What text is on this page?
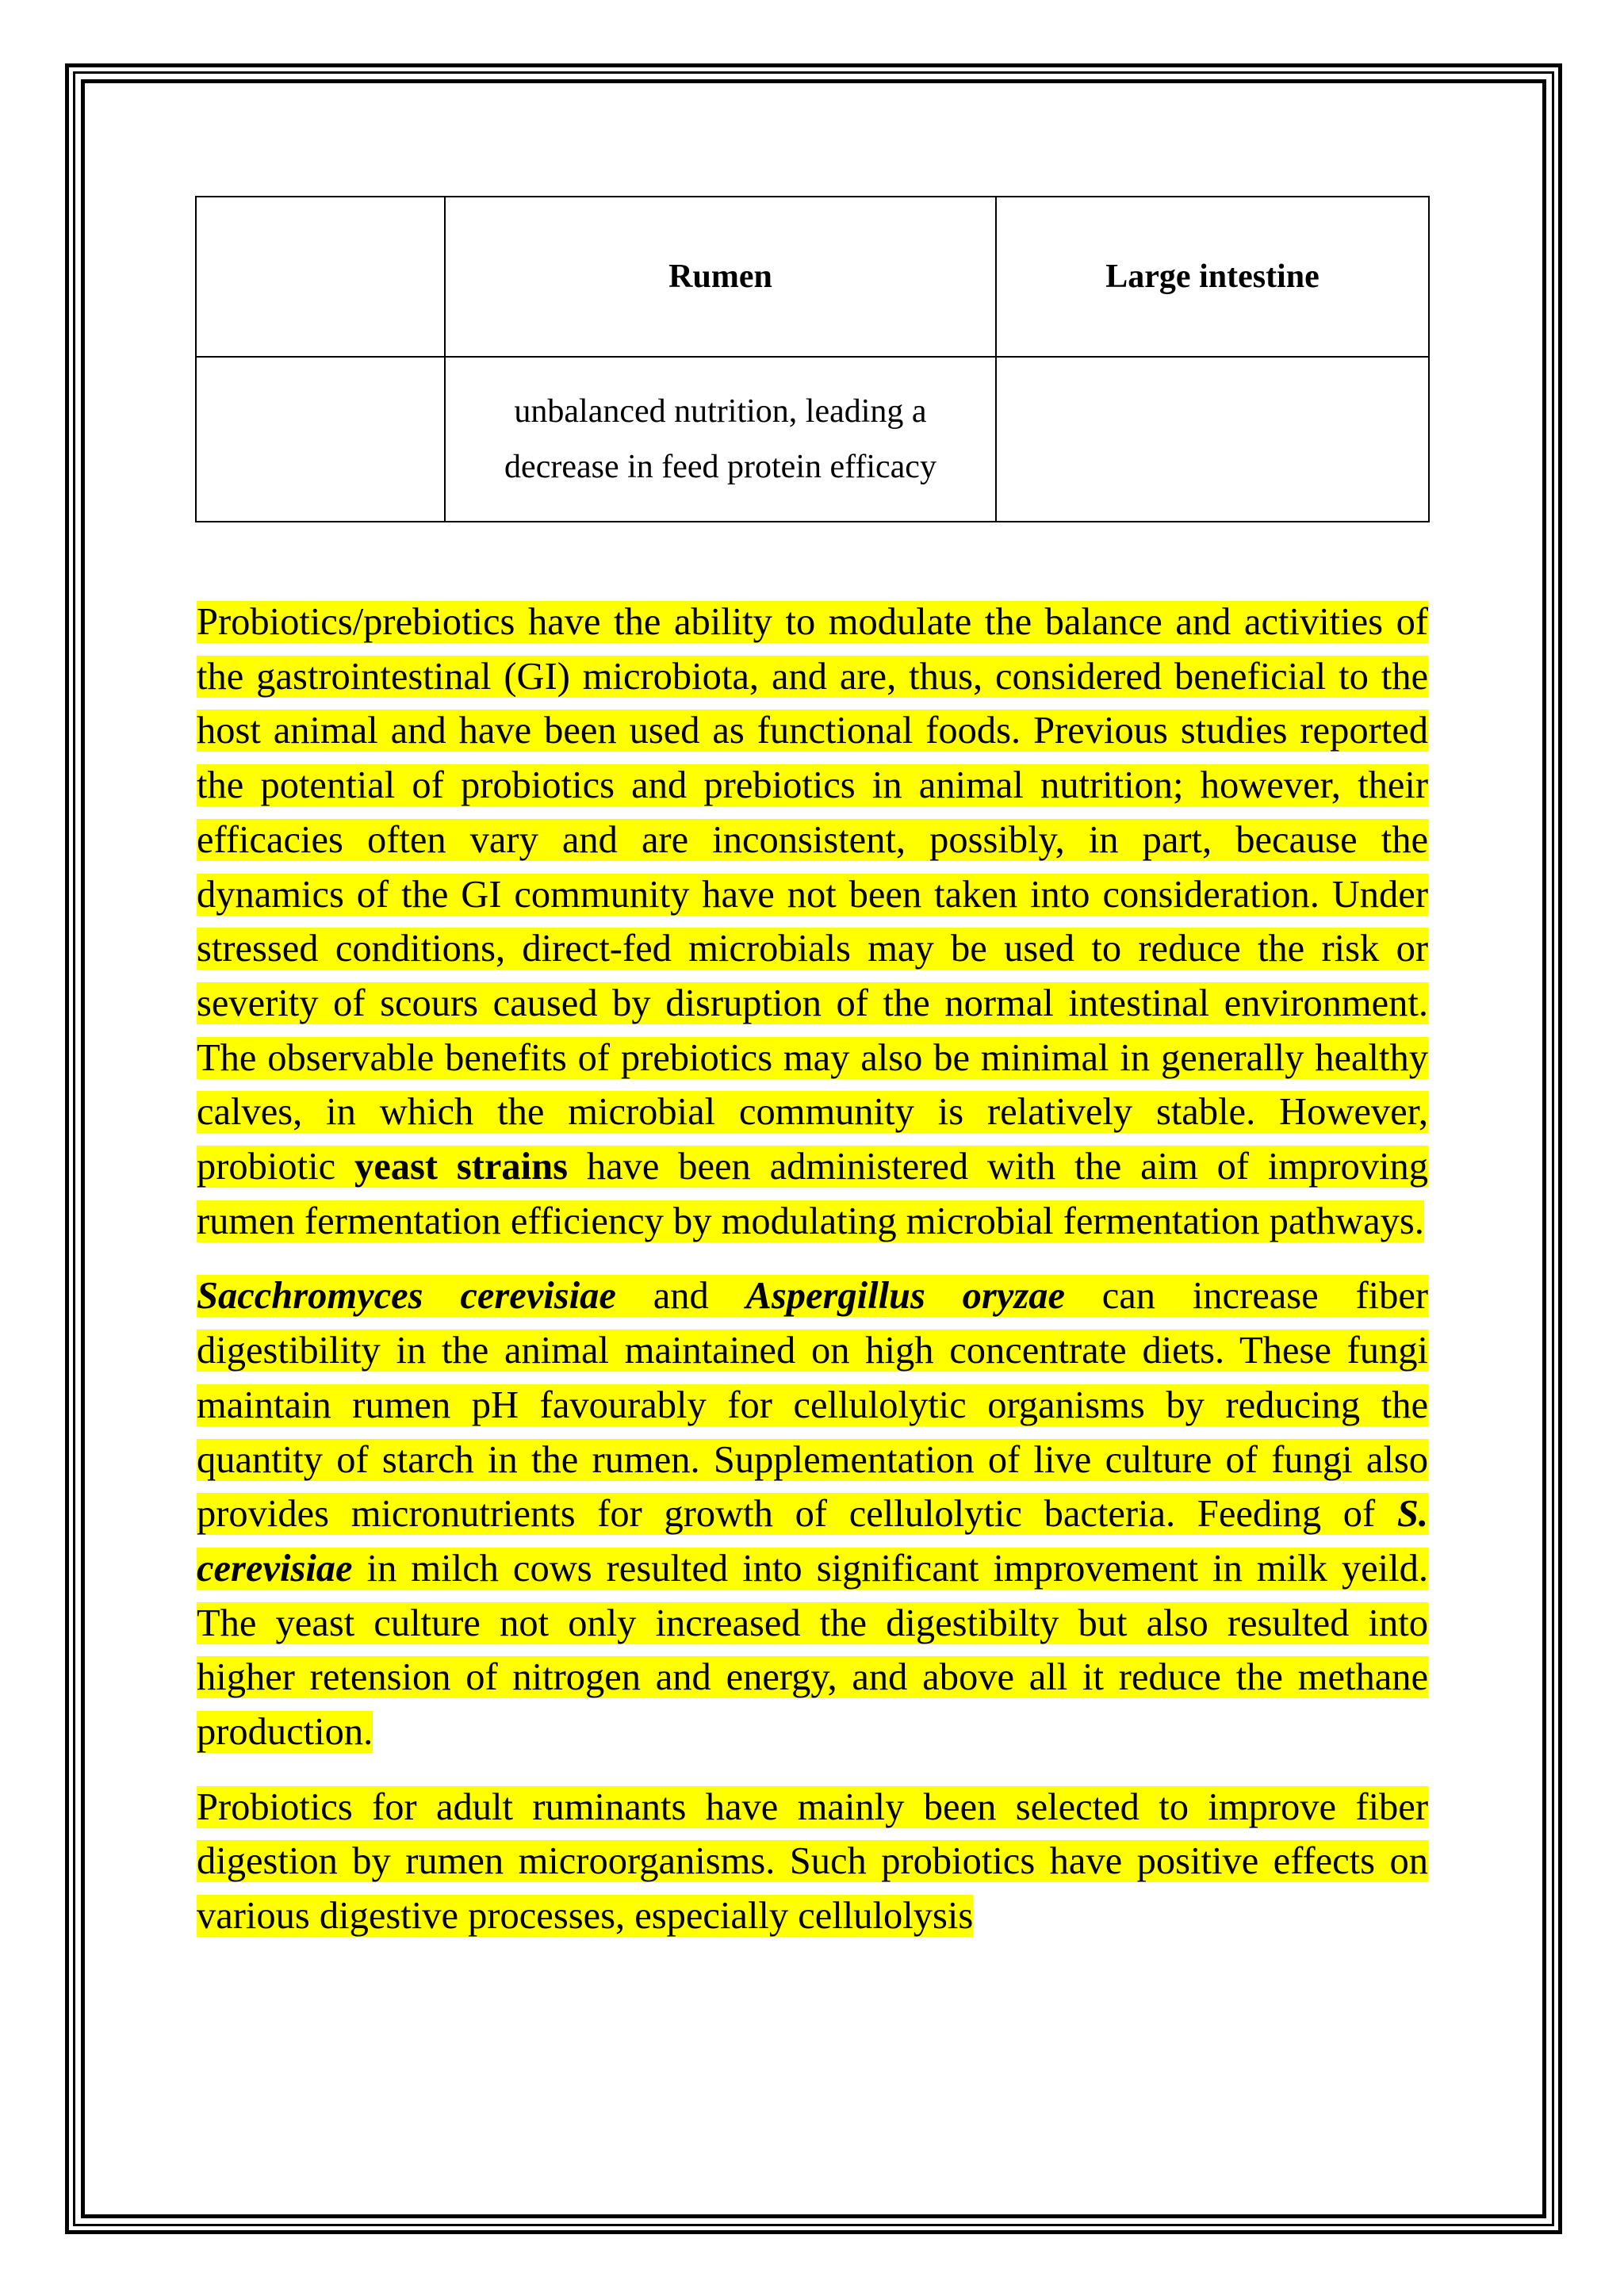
	Rumen	Large intestine
	unbalanced nutrition, leading a decrease in feed protein efficacy	

Probiotics/prebiotics have the ability to modulate the balance and activities of the gastrointestinal (GI) microbiota, and are, thus, considered beneficial to the host animal and have been used as functional foods. Previous studies reported the potential of probiotics and prebiotics in animal nutrition; however, their efficacies often vary and are inconsistent, possibly, in part, because the dynamics of the GI community have not been taken into consideration. Under stressed conditions, direct-fed microbials may be used to reduce the risk or severity of scours caused by disruption of the normal intestinal environment. The observable benefits of prebiotics may also be minimal in generally healthy calves, in which the microbial community is relatively stable. However, probiotic yeast strains have been administered with the aim of improving rumen fermentation efficiency by modulating microbial fermentation pathways.

Sacchromyces cerevisiae and Aspergillus oryzae can increase fiber digestibility in the animal maintained on high concentrate diets. These fungi maintain rumen pH favourably for cellulolytic organisms by reducing the quantity of starch in the rumen. Supplementation of live culture of fungi also provides micronutrients for growth of cellulolytic bacteria. Feeding of S. cerevisiae in milch cows resulted into significant improvement in milk yeild. The yeast culture not only increased the digestibilty but also resulted into higher retension of nitrogen and energy, and above all it reduce the methane production.

Probiotics for adult ruminants have mainly been selected to improve fiber digestion by rumen microorganisms. Such probiotics have positive effects on various digestive processes, especially cellulolysis
